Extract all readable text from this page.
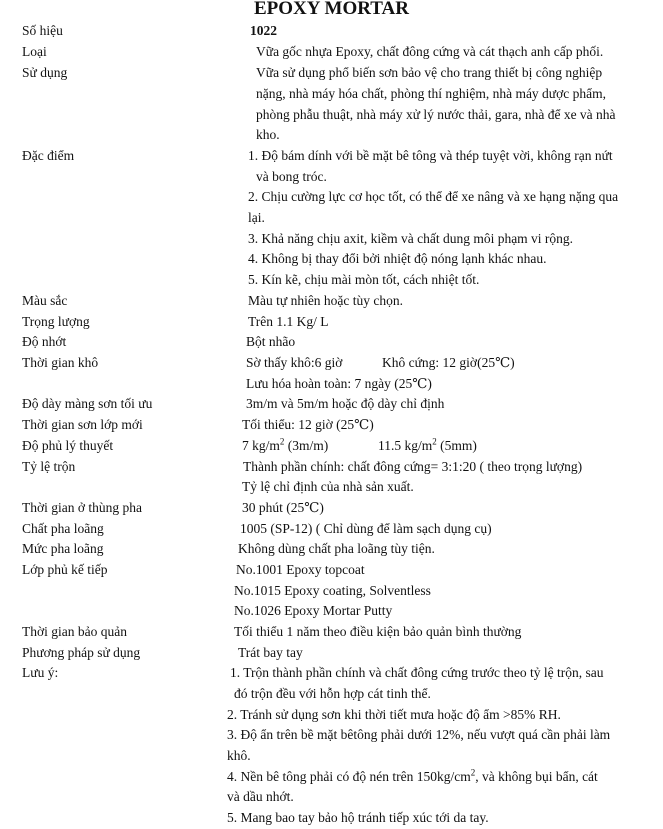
EPOXY MORTAR
Số hiệu	1022
Loại	Vữa gốc nhựa Epoxy, chất đông cứng và cát thạch anh cấp phối.
Sử dụng	Vữa sử dụng phổ biến sơn bảo vệ cho trang thiết bị công nghiệp
nặng, nhà máy hóa chất, phòng thí nghiệm, nhà máy dược phẩm,
phòng phẫu thuật, nhà máy xử lý nước thải, gara, nhà để xe và nhà
kho.
Đặc điểm	1. Độ bám dính với bề mặt bê tông và thép tuyệt vời, không rạn nứt
và bong tróc.
2. Chịu cường lực cơ học tốt, có thể để xe nâng và xe hạng nặng qua
lại.
3. Khả năng chịu axit, kiềm và chất dung môi phạm vi rộng.
4. Không bị thay đổi bởi nhiệt độ nóng lạnh khác nhau.
5. Kín kẽ, chịu mài mòn tốt, cách nhiệt tốt.
Màu sắc	Màu tự nhiên hoặc tùy chọn.
Trọng lượng	Trên 1.1 Kg/ L
Độ nhớt	Bột nhão
Thời gian khô	Sờ thấy khô:6 giờ	Khô cứng: 12 giờ(25℃)
Lưu hóa hoàn toàn: 7 ngày (25℃)
Độ dày màng sơn tối ưu	3m/m và 5m/m hoặc độ dày chỉ định
Thời gian sơn lớp mới	Tối thiểu: 12 giờ (25℃)
Độ phủ lý thuyết	7 $kg/m^2$ (3m/m)	11.5 $kg/m^2$ (5mm)
Tỷ lệ trộn	Thành phần chính: chất đông cứng= 3:1:20 ( theo trọng lượng)
Tỷ lệ chỉ định của nhà sản xuất.
Thời gian ở thùng pha	30 phút (25℃)
Chất pha loãng	1005 (SP-12) ( Chỉ dùng để làm sạch dụng cụ)
Mức pha loãng	Không dùng chất pha loãng tùy tiện.
Lớp phủ kế tiếp	No.1001 Epoxy topcoat
No.1015 Epoxy coating, Solventless
No.1026 Epoxy Mortar Putty
Thời gian bảo quản	Tối thiểu 1 năm theo điều kiện bảo quản bình thường
Phương pháp sử dụng	Trát bay tay
Lưu ý:	1. Trộn thành phần chính và chất đông cứng trước theo tỷ lệ trộn, sau
đó trộn đều với hỗn hợp cát tinh thể.
2. Tránh sử dụng sơn khi thời tiết mưa hoặc độ ẩm >85% RH.
3. Độ ẩn trên bề mặt bêtông phải dưới 12%, nếu vượt quá cần phải làm
khô.
4. Nền bê tông phải có độ nén trên $150kg/cm^2$, và không bụi bẩn, cát
và dầu nhớt.
5. Mang bao tay bảo hộ tránh tiếp xúc tới da tay.
